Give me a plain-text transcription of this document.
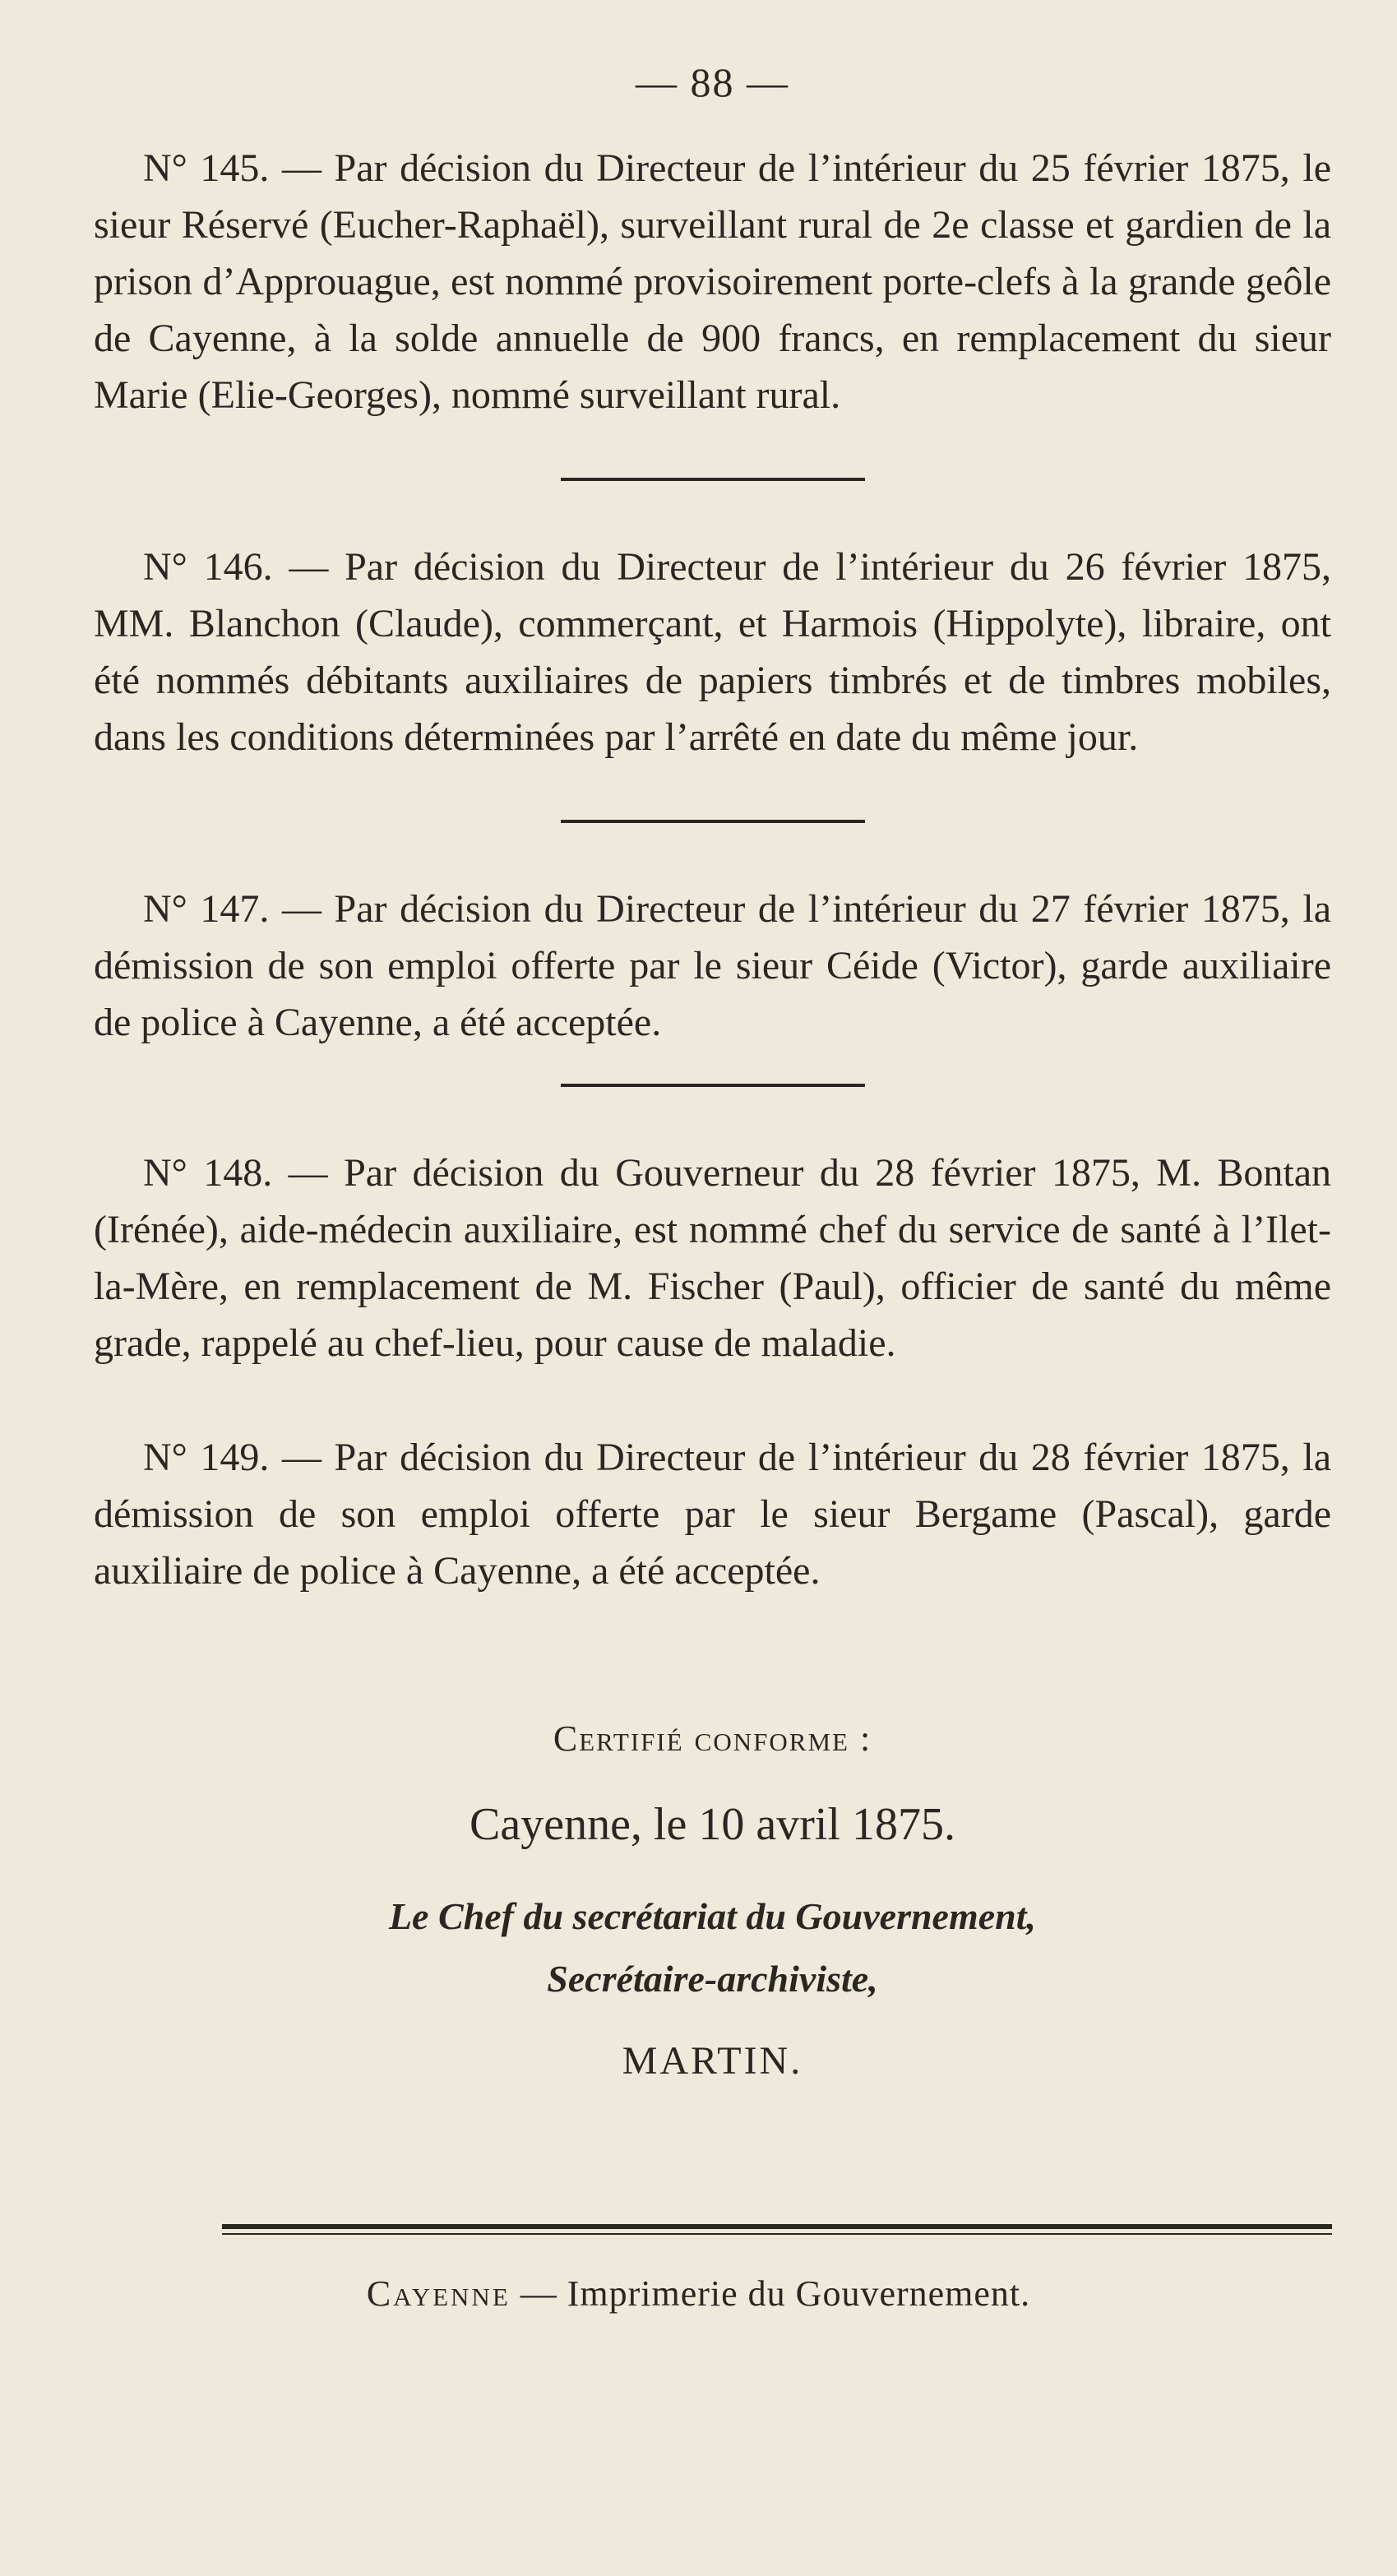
— 88 —

N° 145. — Par décision du Directeur de l’intérieur du 25 février 1875, le sieur Réservé (Eucher-Raphaël), surveillant rural de 2e classe et gardien de la prison d’Approuague, est nommé provisoirement porte-clefs à la grande geôle de Cayenne, à la solde annuelle de 900 francs, en remplacement du sieur Marie (Elie-Georges), nommé surveillant rural.

N° 146. — Par décision du Directeur de l’intérieur du 26 février 1875, MM. Blanchon (Claude), commerçant, et Harmois (Hippolyte), libraire, ont été nommés débitants auxiliaires de papiers timbrés et de timbres mobiles, dans les conditions déterminées par l’arrêté en date du même jour.

N° 147. — Par décision du Directeur de l’intérieur du 27 février 1875, la démission de son emploi offerte par le sieur Céide (Victor), garde auxiliaire de police à Cayenne, a été acceptée.

N° 148. — Par décision du Gouverneur du 28 février 1875, M. Bontan (Irénée), aide-médecin auxiliaire, est nommé chef du service de santé à l’Ilet-la-Mère, en remplacement de M. Fischer (Paul), officier de santé du même grade, rappelé au chef-lieu, pour cause de maladie.

N° 149. — Par décision du Directeur de l’intérieur du 28 février 1875, la démission de son emploi offerte par le sieur Bergame (Pascal), garde auxiliaire de police à Cayenne, a été acceptée.

Certifié conforme :
Cayenne, le 10 avril 1875.
Le Chef du secrétariat du Gouvernement,
Secrétaire-archiviste,
MARTIN.
Cayenne — Imprimerie du Gouvernement.
